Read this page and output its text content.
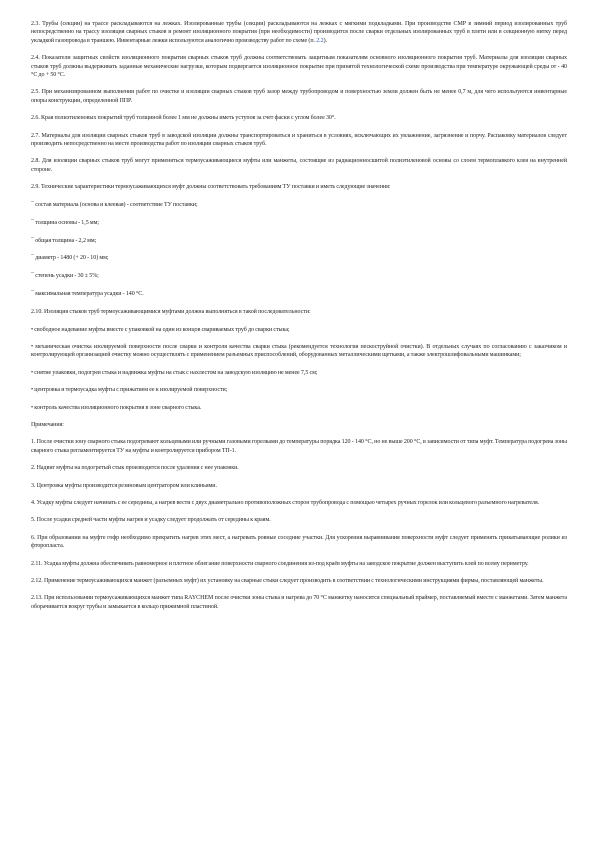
2.3. Трубы (секции) на трассе раскладываются на лежках. Изолированные трубы (секции) раскладываются на лежках с мягкими подкладками. При производстве СМР в зимний период изолированных труб непосредственно на трассу изоляция сварных стыков и ремонт изоляционного покрытия (при необходимости) производится после сварки отдельных изолированных труб в плети или в секционную нитку перед укладкой газопровода в траншею. Инвентарные лежки используются аналогично производству работ по схеме (п. 2.2).

2.4. Показатели защитных свойств изоляционного покрытия сварных стыков труб должны соответствовать защитным показателям основного изоляционного покрытия труб. Материалы для изоляции сварных стыков труб должны выдерживать заданные механические нагрузки, которым подвергается изоляционное покрытие при принятой технологической схеме производства при температуре окружающей среды от - 40 °С до + 50 °С.

2.5. При механизированном выполнении работ по очистке и изоляции сварных стыков труб зазор между трубопроводом и поверхностью земли должен быть не менее 0,7 м, для чего используются инвентарные опоры конструкции, определенной ППР.

2.6. Края полиэтиленовых покрытий труб толщиной более 1 мм не должны иметь уступов за счет фаски с углом более 30°.

2.7. Материалы для изоляции сварных стыков труб в заводской изоляции должны транспортироваться и храниться в условиях, исключающих их увлажнение, загрязнение и порчу. Распаковку материалов следует производить непосредственно на месте производства работ по изоляции сварных стыков труб.

2.8. Для изоляции сварных стыков труб могут применяться термоусаживающиеся муфты или манжеты, состоящие из радиационносшитой полиэтиленовой основы со слоем термоплавкого клея на внутренней стороне.

2.9. Технические характеристики термоусаживающихся муфт должны соответствовать требованиям ТУ поставки и иметь следующие значения:

¯ состав материала (основа и клеевая) - соответствие ТУ поставки;

¯ толщина основы - 1,5 мм;

¯ общая толщина - 2,2 мм;

¯ диаметр - 1480 (+ 20 - 10) мм;

¯ степень усадки - 30 ± 5%;

¯ максимальная температура усадки - 140 °С.

2.10. Изоляция стыков труб термоусаживающимися муфтами должна выполняться в такой последовательности:

• свободное надевание муфты вместе с упаковкой на один из концов свариваемых труб до сварки стыка;

• механическая очистка изолируемой поверхности после сварки и контроля качества сварки стыка (рекомендуется технология пескоструйной очистки). В отдельных случаях по согласованию с заказчиком и контролирующей организацией очистку можно осуществлять с применением разъемных приспособлений, оборудованных металлическими щетками, а также электрошлифовальными машинками;

• снятие упаковки, подогрев стыка и надвижка муфты на стык с нахлестом на заводскую изоляцию не менее 7,5 см;

• центровка и термоусадка муфты с прижатием ее к изолируемой поверхности;

• контроль качества изоляционного покрытия в зоне сварного стыка.

Примечания:

1. После очистки зону сварного стыка подогревают кольцевыми или ручными газовыми горелками до температуры порядка 120 - 140 °С, но не выше 200 °С, в зависимости от типа муфт. Температура подогрева зоны сварного стыка регламентируется ТУ на муфты и контролируется прибором ТП-1.

2. Надвиг муфты на подогретый стык производится после удаления с нее упаковки.

3. Центровка муфты производится резиновым центратором или клиньями.

4. Усадку муфты следует начинать с ее середины, а нагрев вести с двух диаметрально противоположных сторон трубопровода с помощью четырех ручных горелок или кольцевого разъемного нагревателя.

5. После усадки средней части муфты нагрев и усадку следует продолжать от середины к краям.

6. При образовании на муфте гофр необходимо прекратить нагрев этих мест, а нагревать ровные соседние участки. Для ускорения выравнивания поверхности муфт следует применять прикатывающие ролики из фторопласта.

2.11. Усадка муфты должна обеспечивать равномерное и плотное облегание поверхности сварного соединения из-под краёв муфты на заводское покрытие должен выступить клей по всему периметру.

2.12. Применение термоусаживающихся манжет (разъемных муфт) их установку на сварные стыки следует производить в соответствии с технологическими инструкциями фирмы, поставляющей манжеты.

2.13. При использовании термоусаживающихся манжет типа RAYCHEM после очистки зоны стыка и нагрева до 70 °С манжетку наносится специальный праймер, поставляемый вместе с манжетами. Затем манжета оборачивается вокруг трубы и замыкается в кольцо прижимной пластиной.
